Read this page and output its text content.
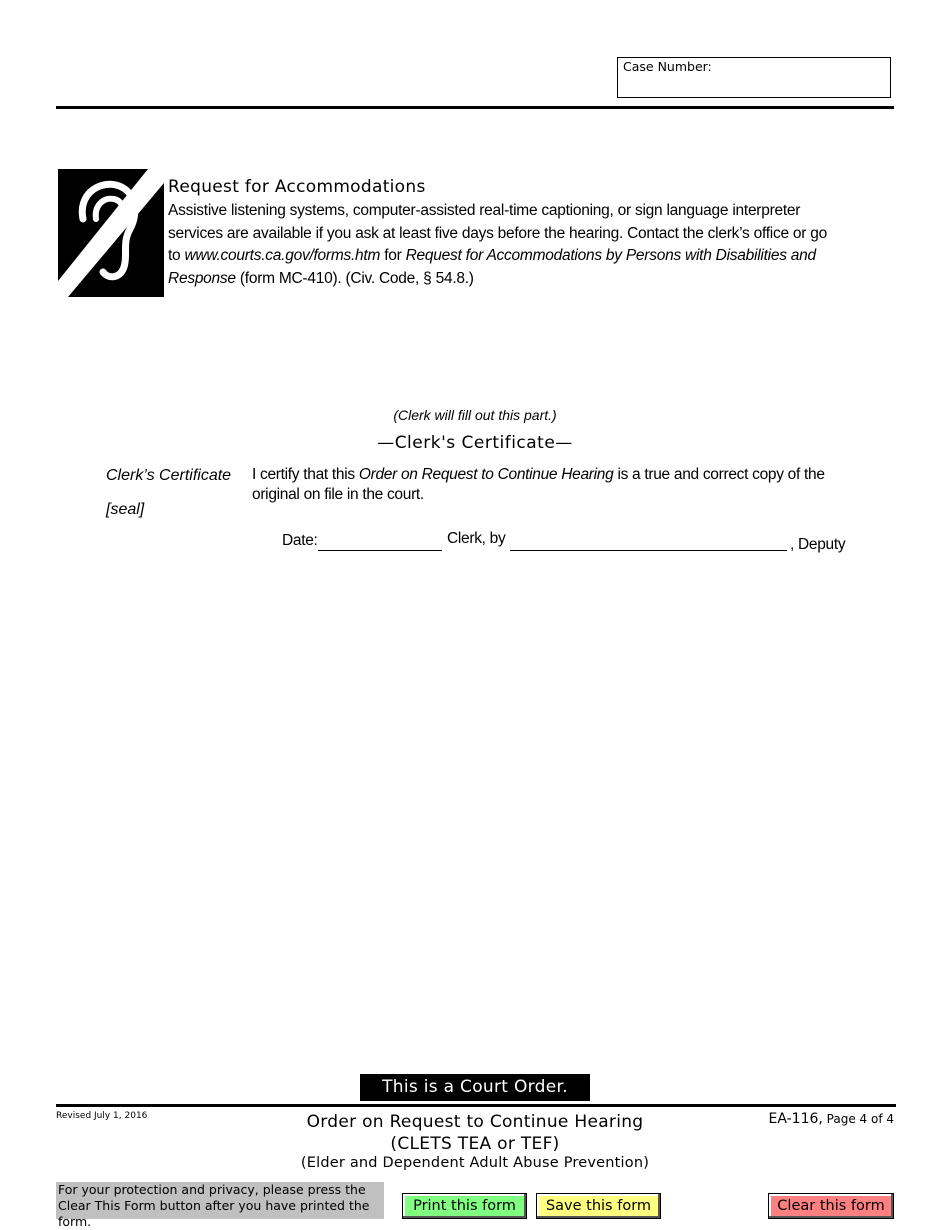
Case Number:
Request for Accommodations
Assistive listening systems, computer-assisted real-time captioning, or sign language interpreter
services are available if you ask at least five days before the hearing. Contact the clerk’s office or go
to www.courts.ca.gov/forms.htm for Request for Accommodations by Persons with Disabilities and
Response (form MC-410). (Civ. Code, § 54.8.)
(Clerk will fill out this part.)
—Clerk's Certificate—
Clerk’s Certificate
[seal]
I certify that this Order on Request to Continue Hearing is a true and correct copy of the
original on file in the court.
Date:	Clerk, by	, Deputy
This is a Court Order.
Revised July 1, 2016	Order on Request to Continue Hearing
(CLETS TEA or TEF)
(Elder and Dependent Adult Abuse Prevention)
EA-116, Page 4 of 4
For your protection and privacy, please press the Clear This Form button after you have printed the form.
Print this form	Save this form	Clear this form
